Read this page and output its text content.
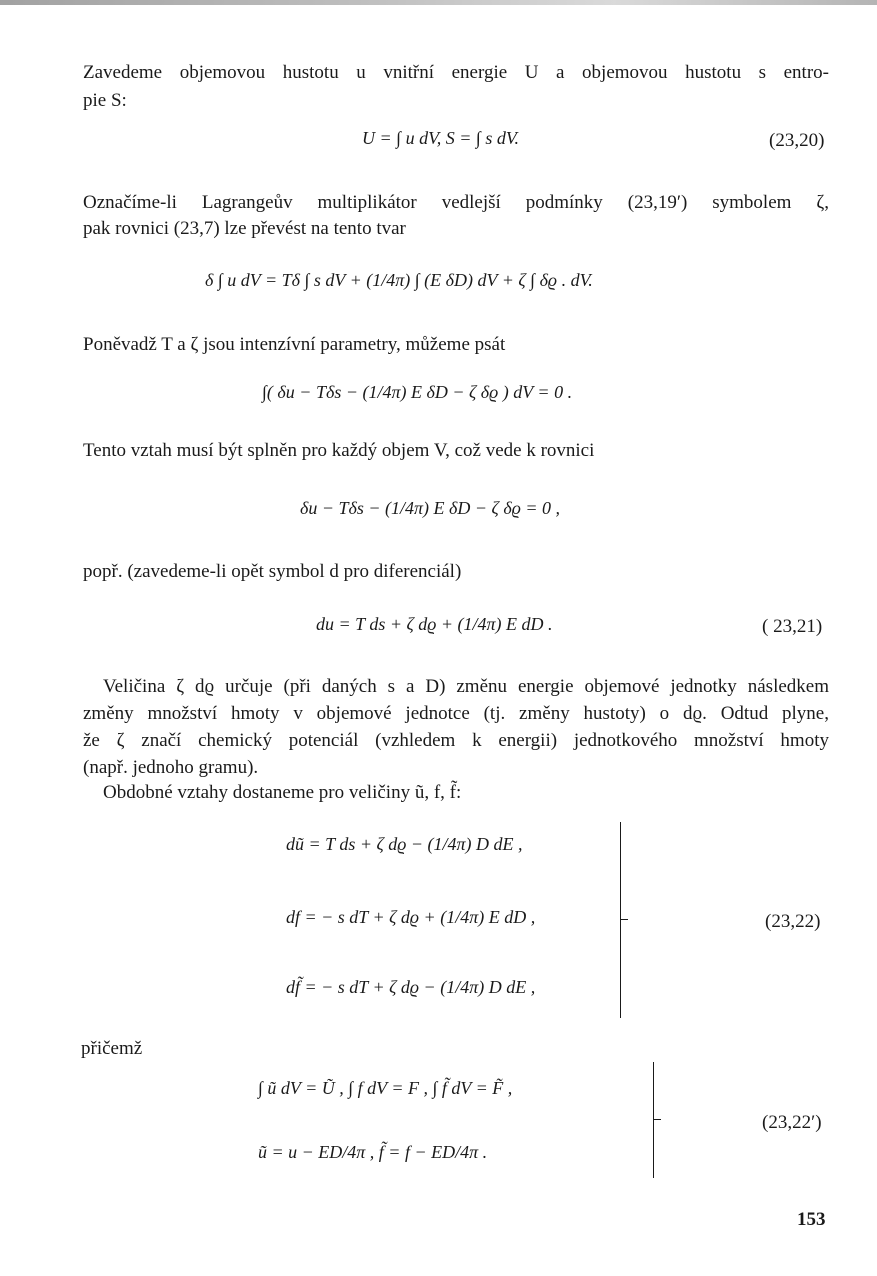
Zavedeme objemovou hustotu u vnitřní energie U a objemovou hustotu s entro-
pie S:
U = ∫ u dV, S = ∫ s dV.	(23,20)
Označíme-li Lagrangeův multiplikátor vedlejší podmínky (23,19′) symbolem ζ,
pak rovnici (23,7) lze převést na tento tvar
δ ∫ u dV = Tδ ∫ s dV + (1/4π) ∫ (E δD) dV + ζ ∫ δϱ . dV.
Poněvadž T a ζ jsou intenzívní parametry, můžeme psát
∫( δu − Tδs − (1/4π) E δD − ζ δϱ ) dV = 0 .
Tento vztah musí být splněn pro každý objem V, což vede k rovnici
δu − Tδs − (1/4π) E δD − ζ δϱ = 0 ,
popř. (zavedeme-li opět symbol d pro diferenciál)
du = T ds + ζ dϱ + (1/4π) E dD .	( 23,21)
Veličina ζ dϱ určuje (při daných s a D) změnu energie objemové jednotky následkem
změny množství hmoty v objemové jednotce (tj. změny hustoty) o dϱ. Odtud plyne,
že ζ značí chemický potenciál (vzhledem k energii) jednotkového množství hmoty
(např. jednoho gramu).
Obdobné vztahy dostaneme pro veličiny ũ, f, f̃:
dũ = T ds + ζ dϱ − (1/4π) D dE ,
df = − s dT + ζ dϱ + (1/4π) E dD ,
df̃ = − s dT + ζ dϱ − (1/4π) D dE ,
(23,22)
přičemž
∫ ũ dV = Ũ , ∫ f dV = F , ∫ f̃ dV = F̃ ,
ũ = u − ED/4π , f̃ = f − ED/4π .
(23,22′)
153
